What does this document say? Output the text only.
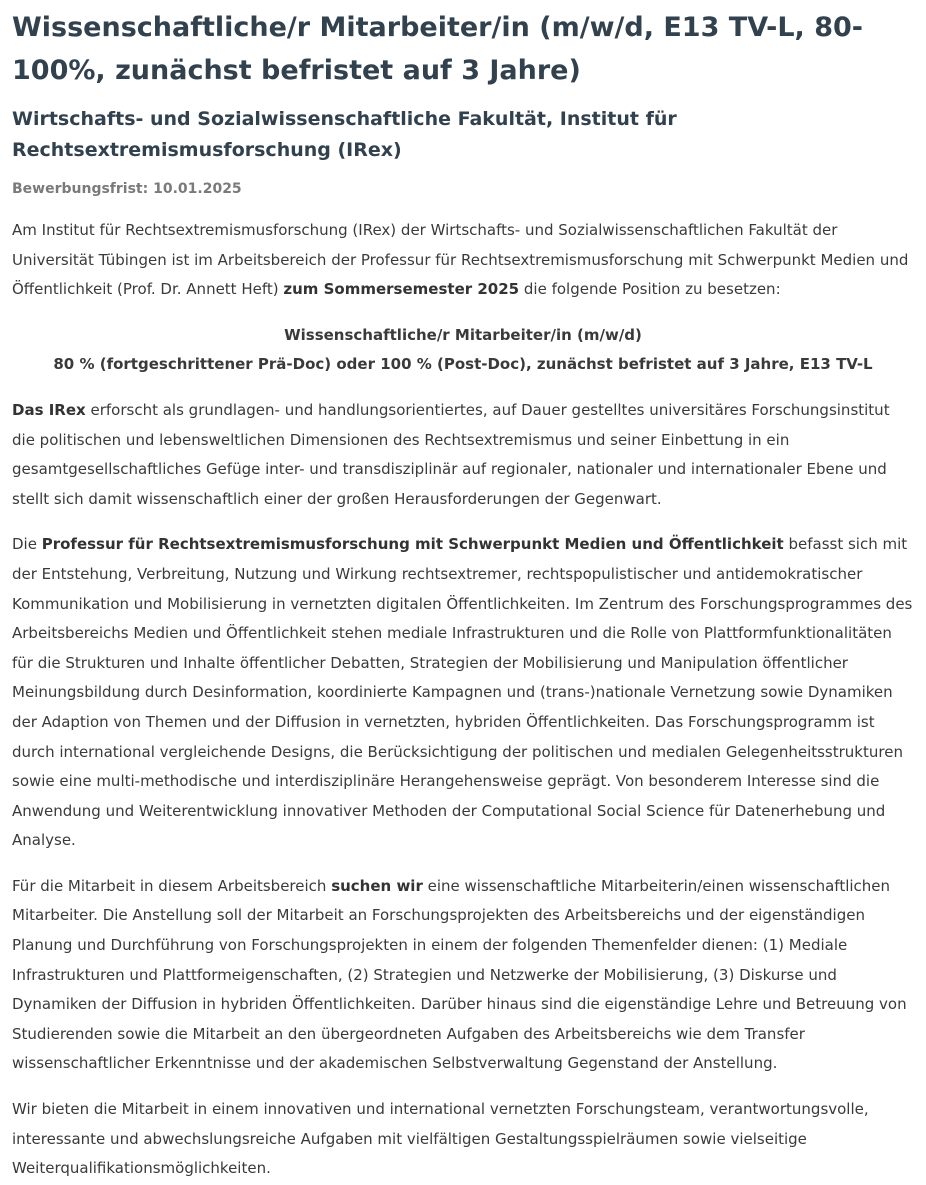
Wissenschaftliche/r Mitarbeiter/in (m/w/d, E13 TV-L, 80-100%, zunächst befristet auf 3 Jahre)
Wirtschafts- und Sozialwissenschaftliche Fakultät, Institut für Rechtsextremismusforschung (IRex)
Bewerbungsfrist: 10.01.2025

Am Institut für Rechtsextremismusforschung (IRex) der Wirtschafts- und Sozialwissenschaftlichen Fakultät der Universität Tübingen ist im Arbeitsbereich der Professur für Rechtsextremismusforschung mit Schwerpunkt Medien und Öffentlichkeit (Prof. Dr. Annett Heft) zum Sommersemester 2025 die folgende Position zu besetzen:

Wissenschaftliche/r Mitarbeiter/in (m/w/d)
80 % (fortgeschrittener Prä-Doc) oder 100 % (Post-Doc), zunächst befristet auf 3 Jahre, E13 TV-L

Das IRex erforscht als grundlagen- und handlungsorientiertes, auf Dauer gestelltes universitäres Forschungsinstitut die politischen und lebensweltlichen Dimensionen des Rechtsextremismus und seiner Einbettung in ein gesamtgesellschaftliches Gefüge inter- und transdisziplinär auf regionaler, nationaler und internationaler Ebene und stellt sich damit wissenschaftlich einer der großen Herausforderungen der Gegenwart.

Die Professur für Rechtsextremismusforschung mit Schwerpunkt Medien und Öffentlichkeit befasst sich mit der Entstehung, Verbreitung, Nutzung und Wirkung rechtsextremer, rechtspopulistischer und antidemokratischer Kommunikation und Mobilisierung in vernetzten digitalen Öffentlichkeiten. Im Zentrum des Forschungsprogrammes des Arbeitsbereichs Medien und Öffentlichkeit stehen mediale Infrastrukturen und die Rolle von Plattformfunktionalitäten für die Strukturen und Inhalte öffentlicher Debatten, Strategien der Mobilisierung und Manipulation öffentlicher Meinungsbildung durch Desinformation, koordinierte Kampagnen und (trans-)nationale Vernetzung sowie Dynamiken der Adaption von Themen und der Diffusion in vernetzten, hybriden Öffentlichkeiten. Das Forschungsprogramm ist durch international vergleichende Designs, die Berücksichtigung der politischen und medialen Gelegenheitsstrukturen sowie eine multi-methodische und interdisziplinäre Herangehensweise geprägt. Von besonderem Interesse sind die Anwendung und Weiterentwicklung innovativer Methoden der Computational Social Science für Datenerhebung und Analyse.

Für die Mitarbeit in diesem Arbeitsbereich suchen wir eine wissenschaftliche Mitarbeiterin/einen wissenschaftlichen Mitarbeiter. Die Anstellung soll der Mitarbeit an Forschungsprojekten des Arbeitsbereichs und der eigenständigen Planung und Durchführung von Forschungsprojekten in einem der folgenden Themenfelder dienen: (1) Mediale Infrastrukturen und Plattformeigenschaften, (2) Strategien und Netzwerke der Mobilisierung, (3) Diskurse und Dynamiken der Diffusion in hybriden Öffentlichkeiten. Darüber hinaus sind die eigenständige Lehre und Betreuung von Studierenden sowie die Mitarbeit an den übergeordneten Aufgaben des Arbeitsbereichs wie dem Transfer wissenschaftlicher Erkenntnisse und der akademischen Selbstverwaltung Gegenstand der Anstellung.

Wir bieten die Mitarbeit in einem innovativen und international vernetzten Forschungsteam, verantwortungsvolle, interessante und abwechslungsreiche Aufgaben mit vielfältigen Gestaltungsspielräumen sowie vielseitige Weiterqualifikationsmöglichkeiten.
